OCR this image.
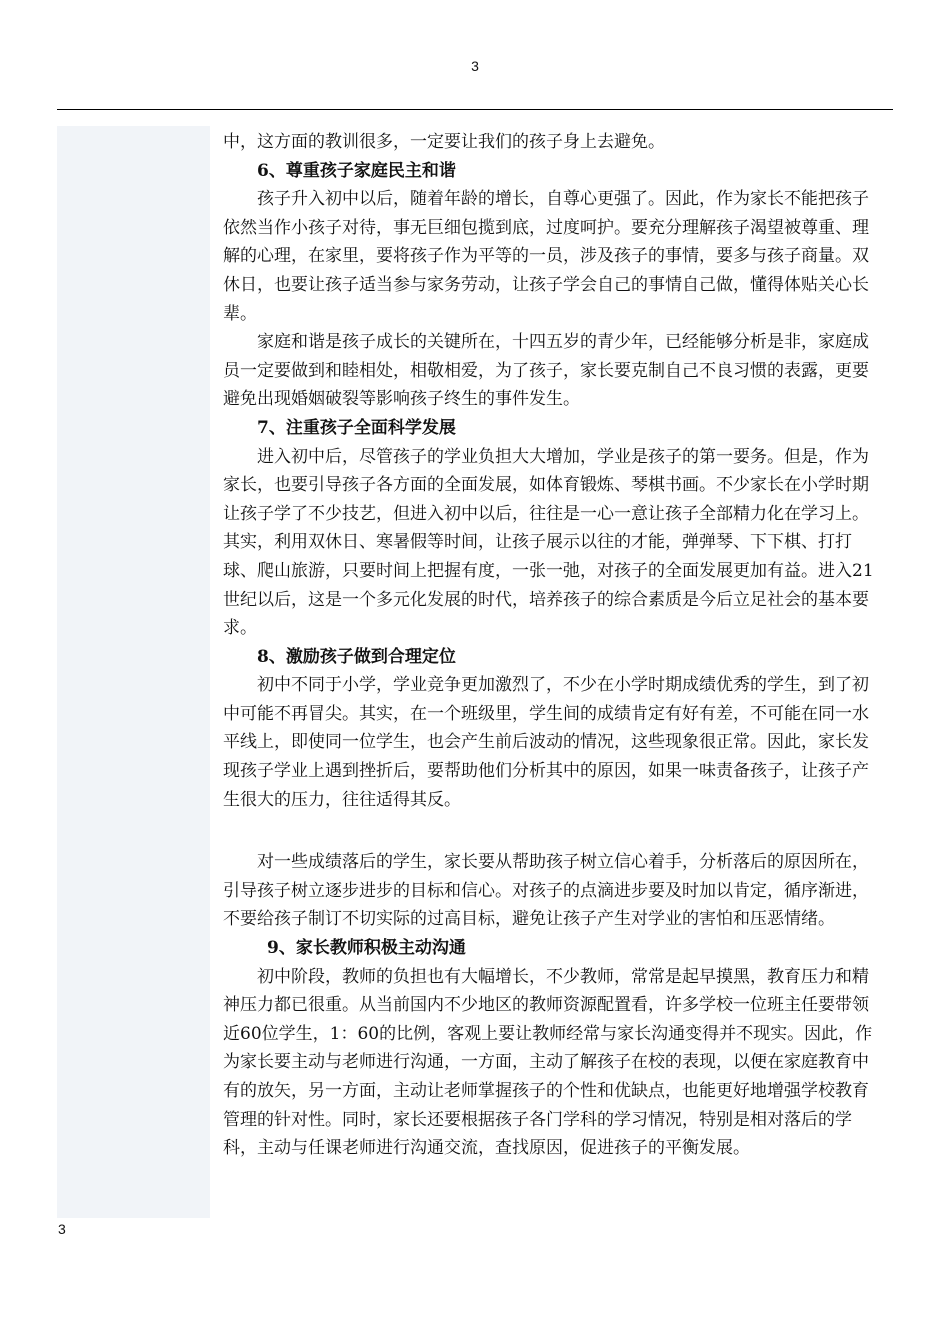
3

中，这方面的教训很多，一定要让我们的孩子身上去避免。

6、尊重孩子家庭民主和谐

孩子升入初中以后，随着年龄的增长，自尊心更强了。因此，作为家长不能把孩子依然当作小孩子对待，事无巨细包揽到底，过度呵护。要充分理解孩子渴望被尊重、理解的心理，在家里，要将孩子作为平等的一员，涉及孩子的事情，要多与孩子商量。双休日，也要让孩子适当参与家务劳动，让孩子学会自己的事情自己做，懂得体贴关心长辈。

家庭和谐是孩子成长的关键所在，十四五岁的青少年，已经能够分析是非，家庭成员一定要做到和睦相处，相敬相爱，为了孩子，家长要克制自己不良习惯的表露，更要避免出现婚姻破裂等影响孩子终生的事件发生。

7、注重孩子全面科学发展

进入初中后，尽管孩子的学业负担大大增加，学业是孩子的第一要务。但是，作为家长，也要引导孩子各方面的全面发展，如体育锻炼、琴棋书画。不少家长在小学时期让孩子学了不少技艺，但进入初中以后，往往是一心一意让孩子全部精力化在学习上。其实，利用双休日、寒暑假等时间，让孩子展示以往的才能，弹弹琴、下下棋、打打球、爬山旅游，只要时间上把握有度，一张一弛，对孩子的全面发展更加有益。进入21世纪以后，这是一个多元化发展的时代，培养孩子的综合素质是今后立足社会的基本要求。

8、激励孩子做到合理定位

初中不同于小学，学业竞争更加激烈了，不少在小学时期成绩优秀的学生，到了初中可能不再冒尖。其实，在一个班级里，学生间的成绩肯定有好有差，不可能在同一水平线上，即使同一位学生，也会产生前后波动的情况，这些现象很正常。因此，家长发现孩子学业上遇到挫折后，要帮助他们分析其中的原因，如果一味责备孩子，让孩子产生很大的压力，往往适得其反。

对一些成绩落后的学生，家长要从帮助孩子树立信心着手，分析落后的原因所在，引导孩子树立逐步进步的目标和信心。对孩子的点滴进步要及时加以肯定，循序渐进，不要给孩子制订不切实际的过高目标，避免让孩子产生对学业的害怕和压恶情绪。

9、家长教师积极主动沟通

初中阶段，教师的负担也有大幅增长，不少教师，常常是起早摸黑，教育压力和精神压力都已很重。从当前国内不少地区的教师资源配置看，许多学校一位班主任要带领近60位学生，1：60的比例，客观上要让教师经常与家长沟通变得并不现实。因此，作为家长要主动与老师进行沟通，一方面，主动了解孩子在校的表现，以便在家庭教育中有的放矢，另一方面，主动让老师掌握孩子的个性和优缺点，也能更好地增强学校教育管理的针对性。同时，家长还要根据孩子各门学科的学习情况，特别是相对落后的学科，主动与任课老师进行沟通交流，查找原因，促进孩子的平衡发展。

3
